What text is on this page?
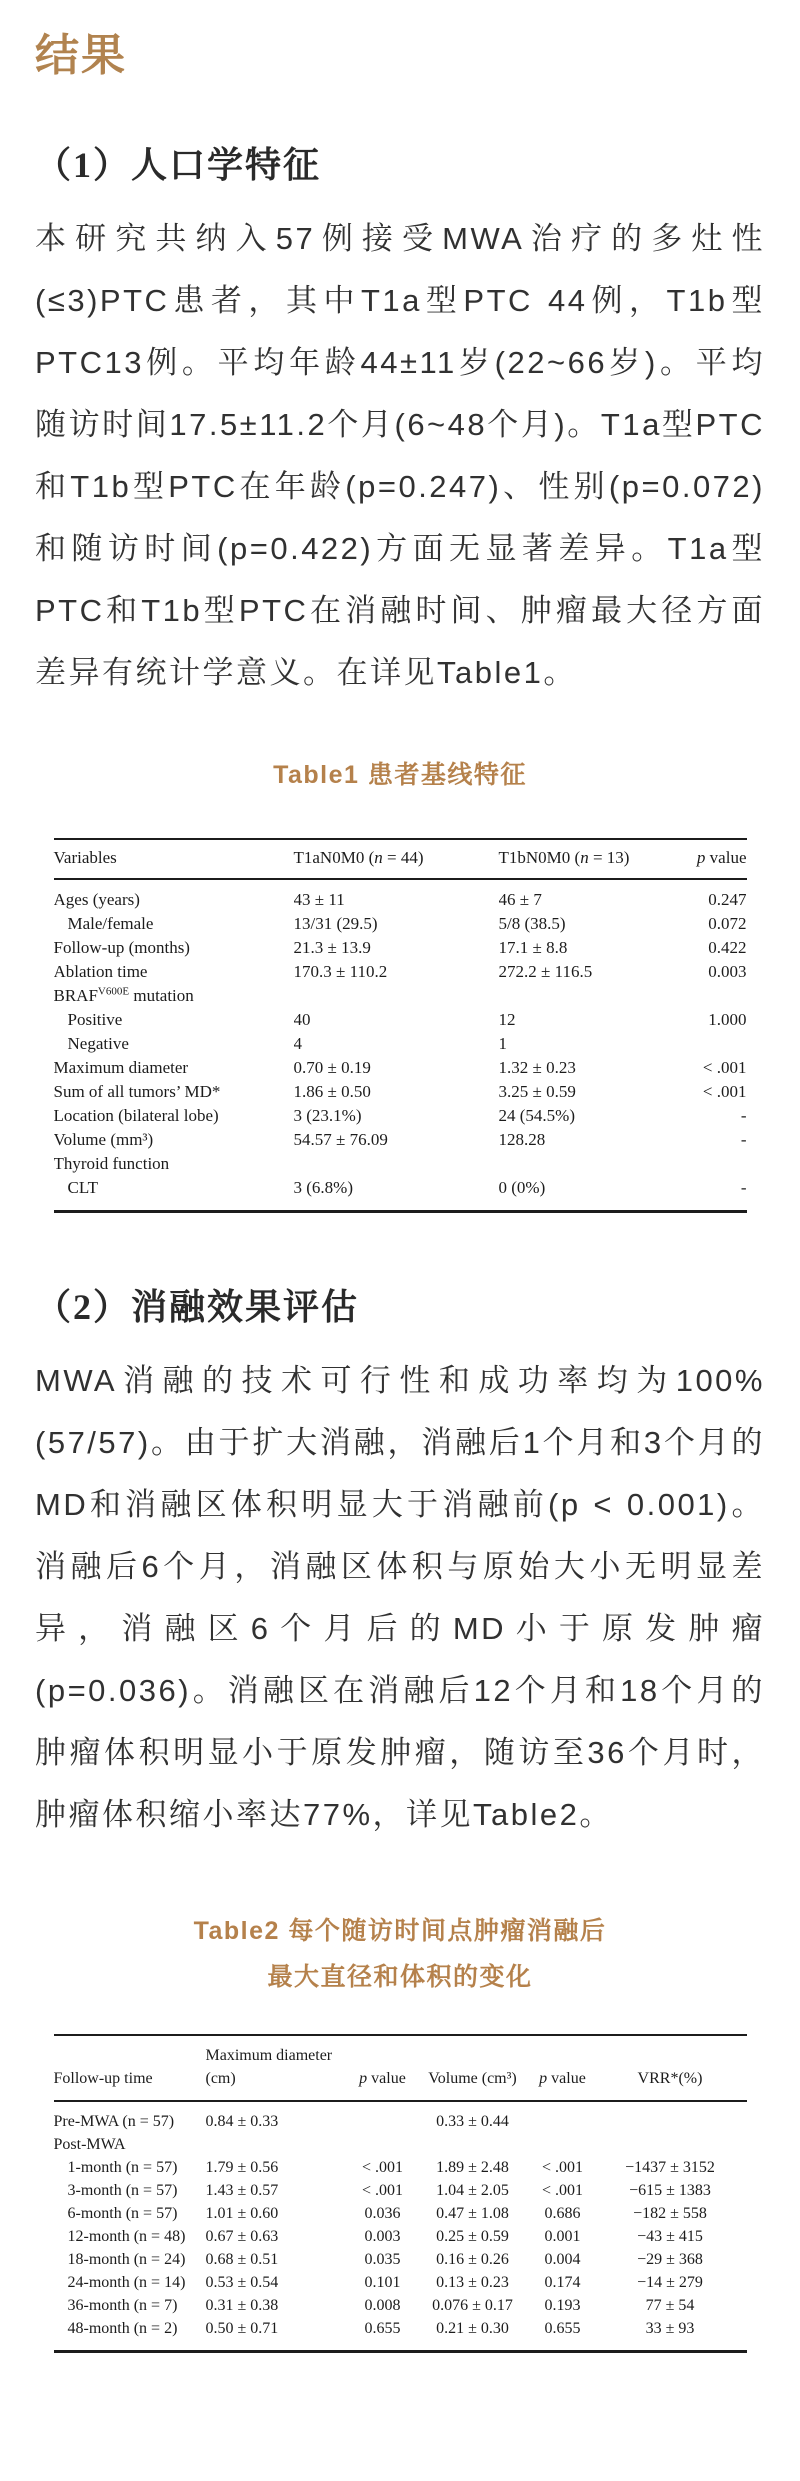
结果
（1）人口学特征

本研究共纳入57例接受MWA治疗的多灶性(≤3)PTC患者，其中T1a型PTC 44例，T1b型PTC13例。平均年龄44±11岁(22~66岁)。平均随访时间17.5±11.2个月(6~48个月)。T1a型PTC和T1b型PTC在年龄(p=0.247)、性别(p=0.072)和随访时间(p=0.422)方面无显著差异。T1a型PTC和T1b型PTC在消融时间、肿瘤最大径方面差异有统计学意义。在详见Table1。

Table1 患者基线特征
Variables	T1aN0M0 (n = 44)	T1bN0M0 (n = 13)	p value
Ages (years)	43 ± 11	46 ± 7	0.247
Male/female	13/31 (29.5)	5/8 (38.5)	0.072
Follow-up (months)	21.3 ± 13.9	17.1 ± 8.8	0.422
Ablation time	170.3 ± 110.2	272.2 ± 116.5	0.003
$BRAF^{V600E}$ mutation			
Positive	40	12	1.000
Negative	4	1	
Maximum diameter	0.70 ± 0.19	1.32 ± 0.23	< .001
Sum of all tumors’ MD*	1.86 ± 0.50	3.25 ± 0.59	< .001
Location (bilateral lobe)	3 (23.1%)	24 (54.5%)	-
Volume (mm³)	54.57 ± 76.09	128.28	-
Thyroid function			
CLT	3 (6.8%)	0 (0%)	-
（2）消融效果评估

MWA消融的技术可行性和成功率均为100%(57/57)。由于扩大消融，消融后1个月和3个月的MD和消融区体积明显大于消融前(p < 0.001)。消融后6个月，消融区体积与原始大小无明显差异，消融区6个月后的MD小于原发肿瘤(p=0.036)。消融区在消融后12个月和18个月的肿瘤体积明显小于原发肿瘤，随访至36个月时，肿瘤体积缩小率达77%，详见Table2。

Table2 每个随访时间点肿瘤消融后
最大直径和体积的变化
Follow-up time	Maximum diameter (cm)	p value	Volume (cm³)	p value	VRR*(%)
Pre-MWA (n = 57)	0.84 ± 0.33		0.33 ± 0.44		
Post-MWA					
1-month (n = 57)	1.79 ± 0.56	< .001	1.89 ± 2.48	< .001	−1437 ± 3152
3-month (n = 57)	1.43 ± 0.57	< .001	1.04 ± 2.05	< .001	−615 ± 1383
6-month (n = 57)	1.01 ± 0.60	0.036	0.47 ± 1.08	0.686	−182 ± 558
12-month (n = 48)	0.67 ± 0.63	0.003	0.25 ± 0.59	0.001	−43 ± 415
18-month (n = 24)	0.68 ± 0.51	0.035	0.16 ± 0.26	0.004	−29 ± 368
24-month (n = 14)	0.53 ± 0.54	0.101	0.13 ± 0.23	0.174	−14 ± 279
36-month (n = 7)	0.31 ± 0.38	0.008	0.076 ± 0.17	0.193	77 ± 54
48-month (n = 2)	0.50 ± 0.71	0.655	0.21 ± 0.30	0.655	33 ± 93
